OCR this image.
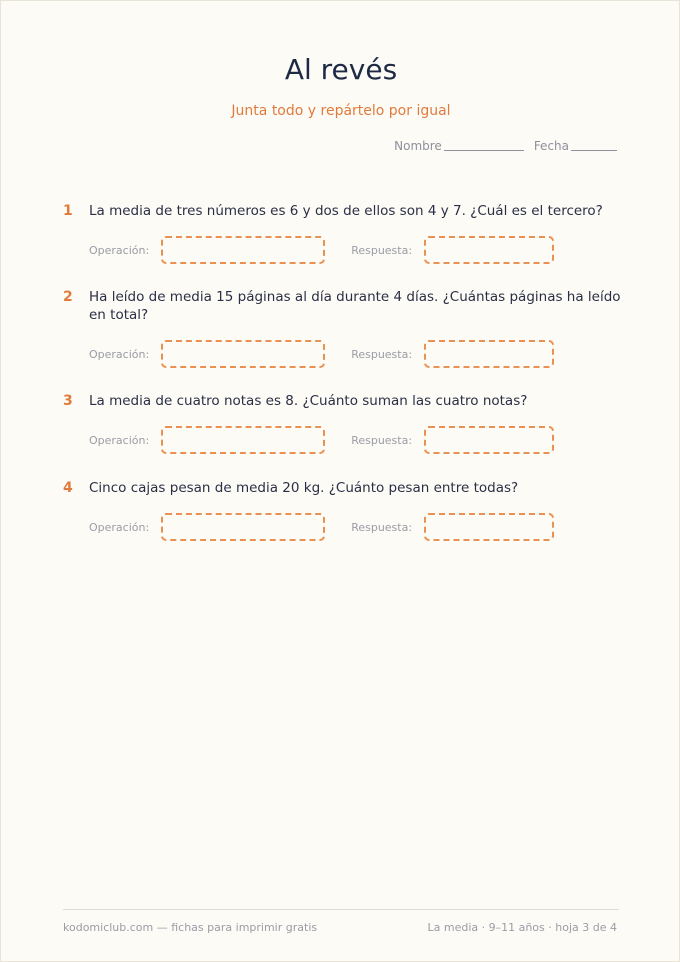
Al revés
Junta todo y repártelo por igual
Nombre	Fecha
1	La media de tres números es 6 y dos de ellos son 4 y 7. ¿Cuál es el tercero?
Operación:	Respuesta:
2	Ha leído de media 15 páginas al día durante 4 días. ¿Cuántas páginas ha leído en total?
Operación:	Respuesta:
3	La media de cuatro notas es 8. ¿Cuánto suman las cuatro notas?
Operación:	Respuesta:
4	Cinco cajas pesan de media 20 kg. ¿Cuánto pesan entre todas?
Operación:	Respuesta:
kodomiclub.com — fichas para imprimir gratis	La media · 9–11 años · hoja 3 de 4
